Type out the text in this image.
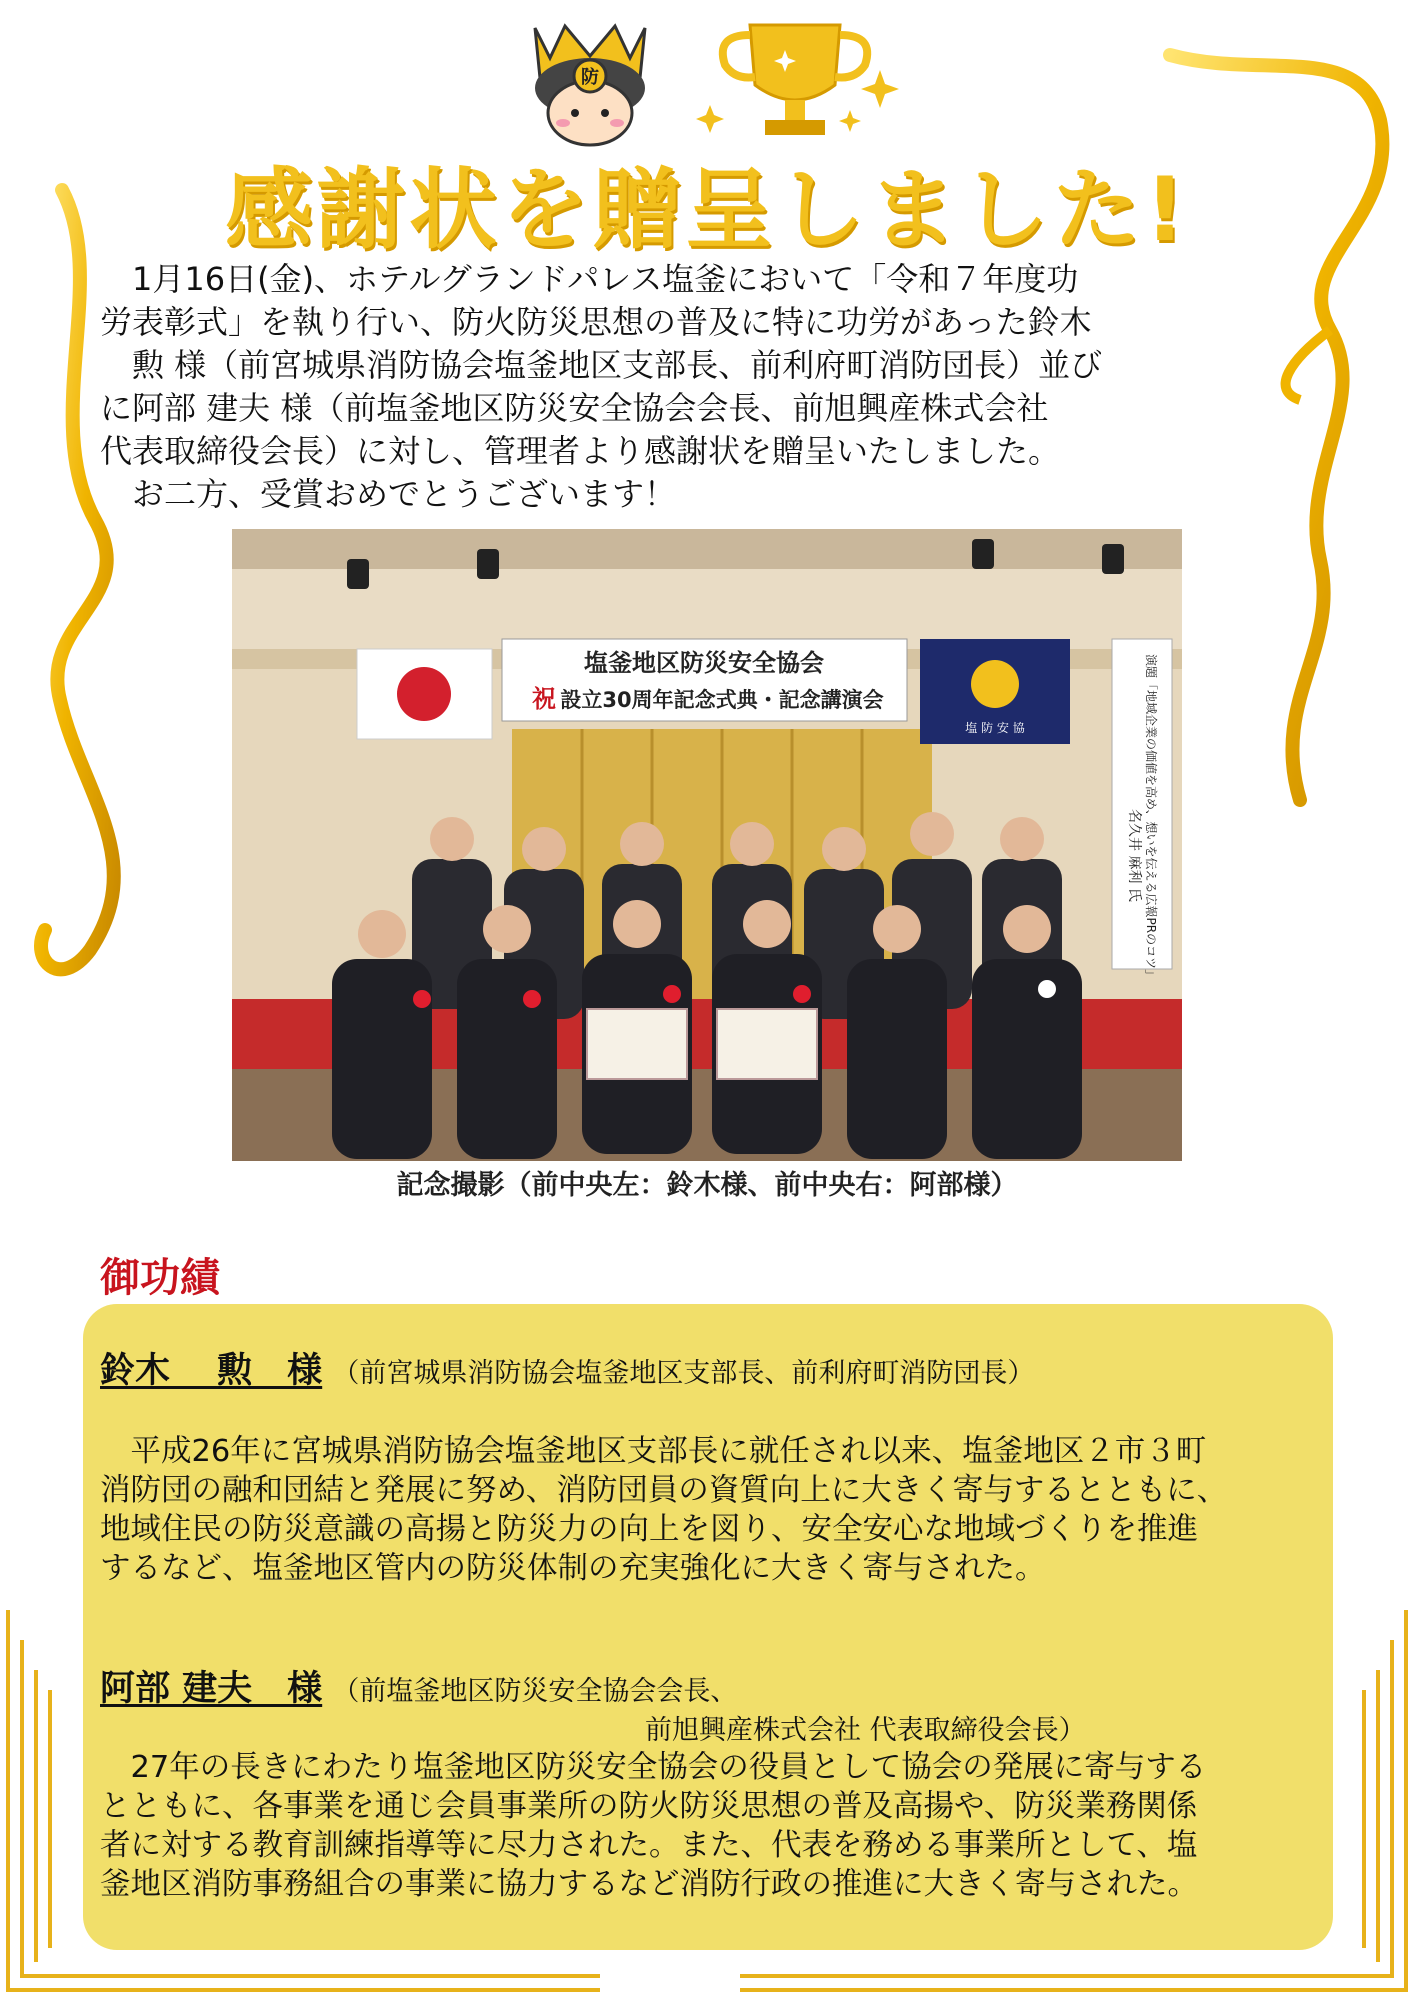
防
感謝状を贈呈しました!

　1月16日(金)、ホテルグランドパレス塩釜において「令和７年度功

労表彰式」を執り行い、防火防災思想の普及に特に功労があった鈴木

　勲 様（前宮城県消防協会塩釜地区支部長、前利府町消防団長）並び

に阿部 建夫 様（前塩釜地区防災安全協会会長、前旭興産株式会社

代表取締役会長）に対し、管理者より感謝状を贈呈いたしました。

　お二方、受賞おめでとうございます！

塩釜地区防災安全協会
祝 設立30周年記念式典・記念講演会
塩 防 安 協	演題「地域企業の価値を高め、想いを伝える広報PRのコツ」
名久井 麻利 氏
記念撮影（前中央左：鈴木様、前中央右：阿部様）
御功績
鈴木　 勲　様 （前宮城県消防協会塩釜地区支部長、前利府町消防団長）

　平成26年に宮城県消防協会塩釜地区支部長に就任され以来、塩釜地区２市３町

消防団の融和団結と発展に努め、消防団員の資質向上に大きく寄与するとともに、

地域住民の防災意識の高揚と防災力の向上を図り、安全安心な地域づくりを推進

するなど、塩釜地区管内の防災体制の充実強化に大きく寄与された。

阿部 建夫　様 （前塩釜地区防災安全協会会長、
前旭興産株式会社 代表取締役会長）

　27年の長きにわたり塩釜地区防災安全協会の役員として協会の発展に寄与する

とともに、各事業を通じ会員事業所の防火防災思想の普及高揚や、防災業務関係

者に対する教育訓練指導等に尽力された。また、代表を務める事業所として、塩

釜地区消防事務組合の事業に協力するなど消防行政の推進に大きく寄与された。
